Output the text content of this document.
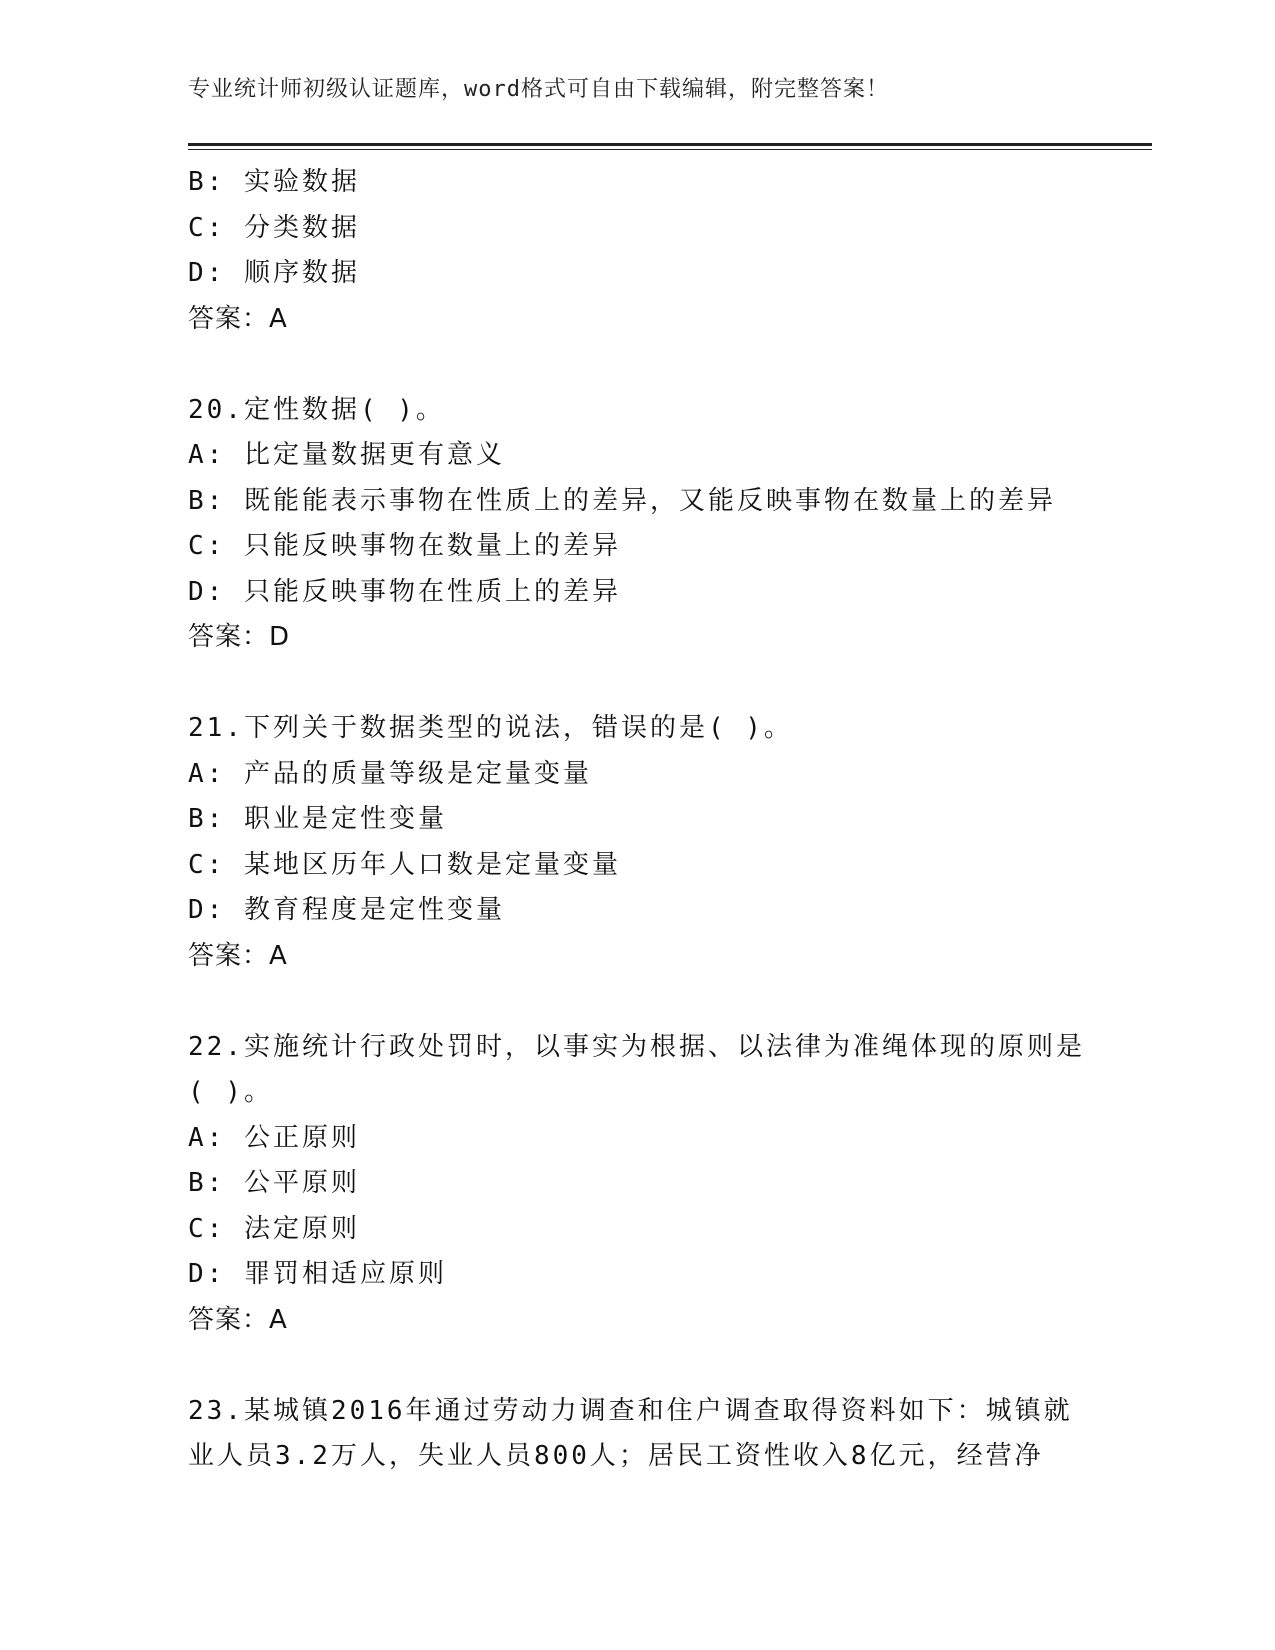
专业统计师初级认证题库，word格式可自由下载编辑，附完整答案！
B: 实验数据
C: 分类数据
D: 顺序数据
答案：A
20.定性数据( )。
A: 比定量数据更有意义
B: 既能能表示事物在性质上的差异，又能反映事物在数量上的差异
C: 只能反映事物在数量上的差异
D: 只能反映事物在性质上的差异
答案：D
21.下列关于数据类型的说法，错误的是( )。
A: 产品的质量等级是定量变量
B: 职业是定性变量
C: 某地区历年人口数是定量变量
D: 教育程度是定性变量
答案：A
22.实施统计行政处罚时，以事实为根据、以法律为准绳体现的原则是
( )。
A: 公正原则
B: 公平原则
C: 法定原则
D: 罪罚相适应原则
答案：A
23.某城镇2016年通过劳动力调查和住户调查取得资料如下：城镇就
业人员3.2万人，失业人员800人；居民工资性收入8亿元，经营净
